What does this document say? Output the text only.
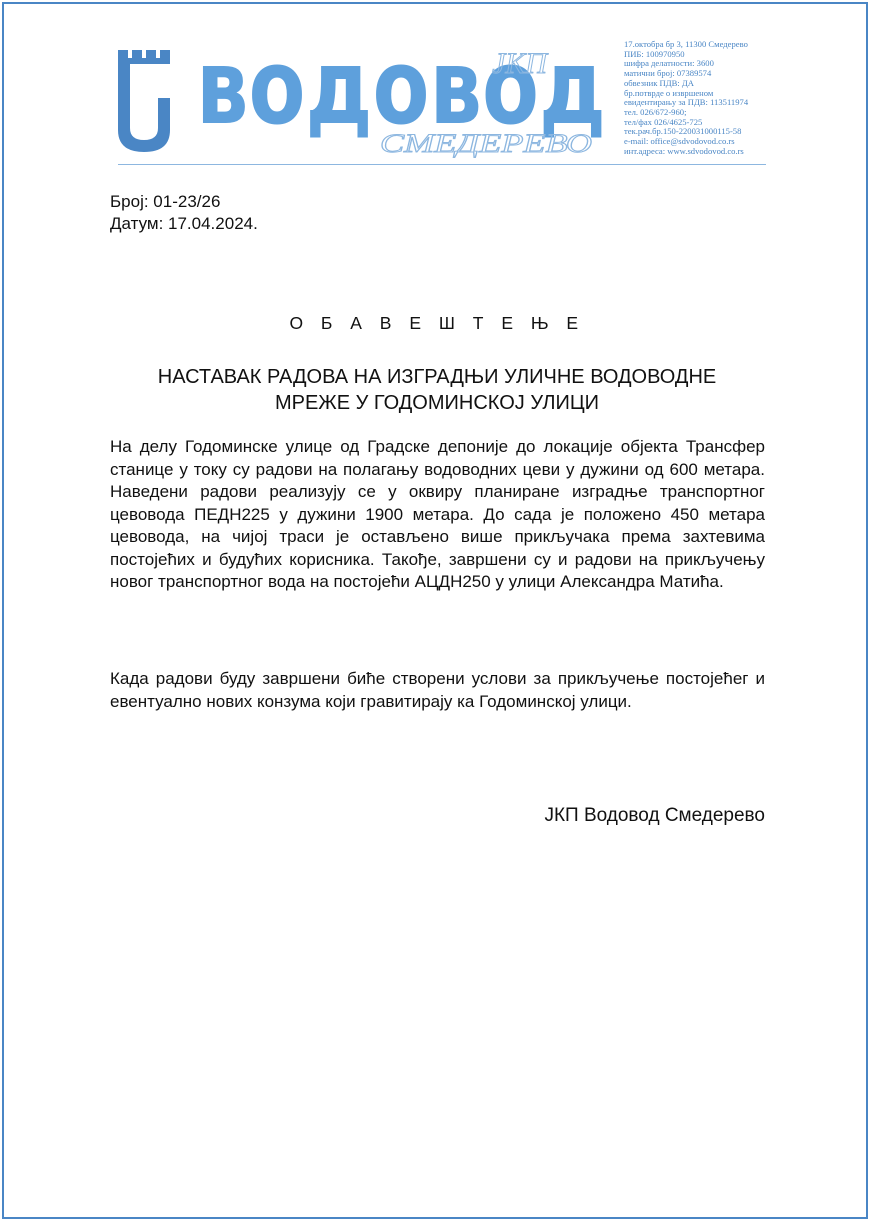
водовод
ЈКП
СМЕДЕРЕВО
17.октобра бр 3, 11300 Смедерево
ПИБ: 100970950
шифра делатности: 3600
матични број: 07389574
обвезник ПДВ: ДА
бр.потврде о извршеном
евидентирању за ПДВ: 113511974
тел. 026/672-960;
тел/фах 026/4625-725
тек.рач.бр.150-220031000115-58
e-mail: office@sdvodovod.co.rs
инт.адреса: www.sdvodovod.co.rs
Број: 01-23/26
Датум: 17.04.2024.
О Б А В Е Ш Т Е Њ Е
НАСТАВАК РАДОВА НА ИЗГРАДЊИ УЛИЧНЕ ВОДОВОДНЕ
МРЕЖЕ У ГОДОМИНСКОЈ УЛИЦИ
На делу Годоминске улице од Градске депоније до локације објекта Трансфер станице у току су радови на полагању водоводних цеви у дужини од 600 метара. Наведени радови реализују се у оквиру планиране изградње транспортног цевовода ПЕДН225 у дужини 1900 метара. До сада је положено 450 метара цевовода, на чијој траси је остављено више прикључака према захтевима постојећих и будућих корисника. Такође, завршени су и радови на прикључењу новог транспортног вода на постојећи АЦДН250 у улици Александра Матића.
Када радови буду завршени биће створени услови за прикључење постојећег и евентуално нових конзума који гравитирају ка Годоминској улици.
ЈКП Водовод Смедерево
